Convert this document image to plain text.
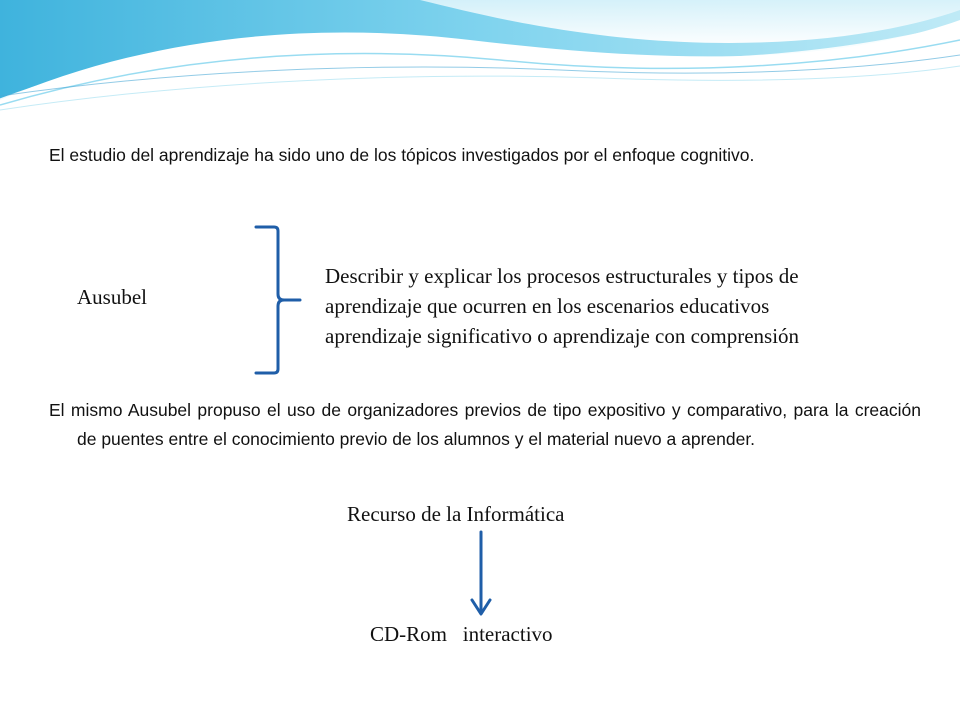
El estudio del aprendizaje ha sido uno de los tópicos investigados por el enfoque cognitivo.
Ausubel
Describir y explicar los procesos estructurales y tipos de
aprendizaje que ocurren en los escenarios educativos
aprendizaje significativo o aprendizaje con comprensión
El mismo Ausubel propuso el uso de organizadores previos de tipo expositivo y comparativo, para la creación de puentes entre el conocimiento previo de los alumnos y el material nuevo a aprender.
Recurso de la Informática
CD-Rom   interactivo
